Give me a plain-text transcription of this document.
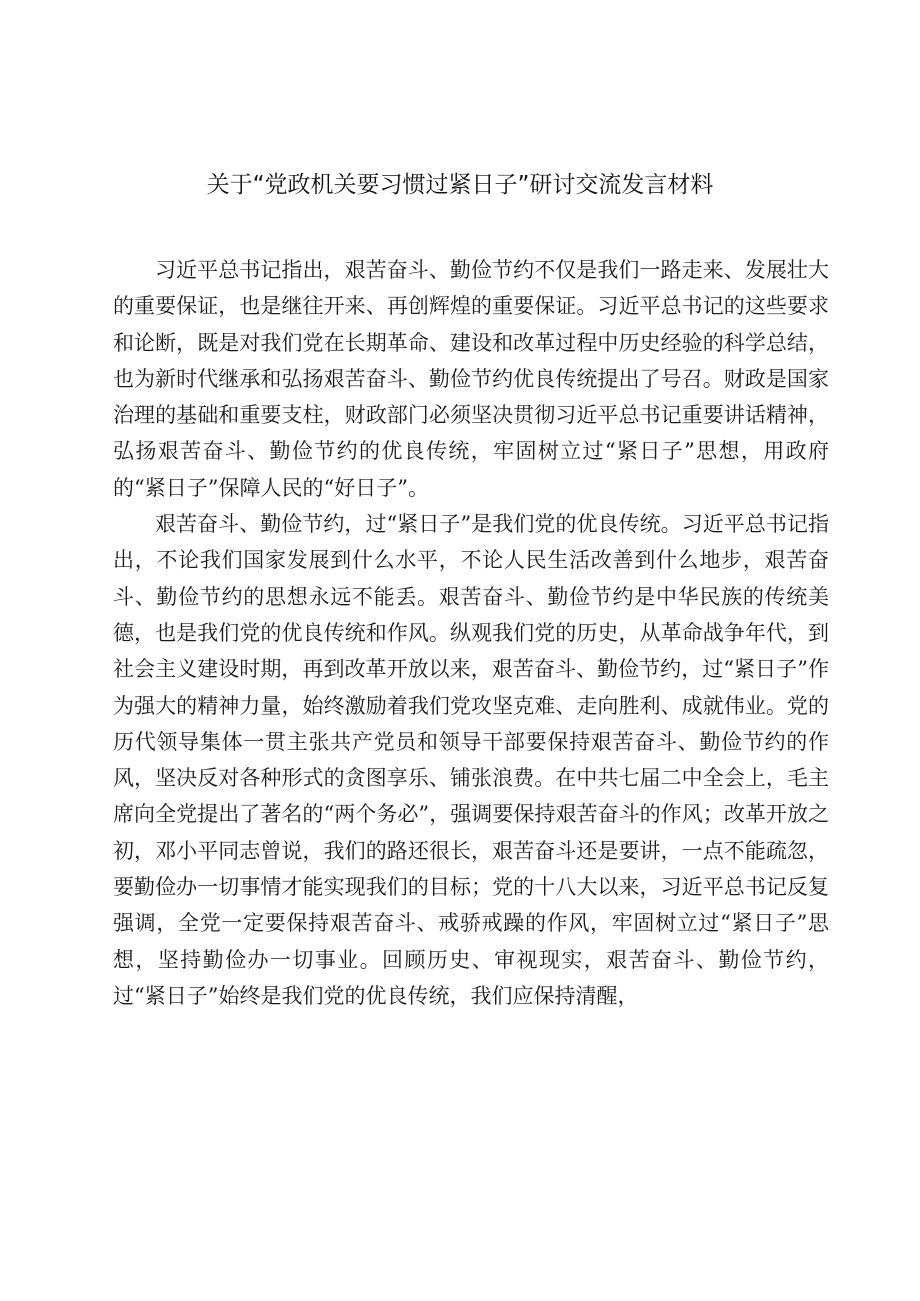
关于“党政机关要习惯过紧日子”研讨交流发言材料

习近平总书记指出，艰苦奋斗、勤俭节约不仅是我们一路走来、发展壮大的重要保证，也是继往开来、再创辉煌的重要保证。习近平总书记的这些要求和论断，既是对我们党在长期革命、建设和改革过程中历史经验的科学总结，也为新时代继承和弘扬艰苦奋斗、勤俭节约优良传统提出了号召。财政是国家治理的基础和重要支柱，财政部门必须坚决贯彻习近平总书记重要讲话精神，弘扬艰苦奋斗、勤俭节约的优良传统，牢固树立过“紧日子”思想，用政府的“紧日子”保障人民的“好日子”。

艰苦奋斗、勤俭节约，过“紧日子”是我们党的优良传统。习近平总书记指出，不论我们国家发展到什么水平，不论人民生活改善到什么地步，艰苦奋斗、勤俭节约的思想永远不能丢。艰苦奋斗、勤俭节约是中华民族的传统美德，也是我们党的优良传统和作风。纵观我们党的历史，从革命战争年代，到社会主义建设时期，再到改革开放以来，艰苦奋斗、勤俭节约，过“紧日子”作为强大的精神力量，始终激励着我们党攻坚克难、走向胜利、成就伟业。党的历代领导集体一贯主张共产党员和领导干部要保持艰苦奋斗、勤俭节约的作风，坚决反对各种形式的贪图享乐、铺张浪费。在中共七届二中全会上，毛主席向全党提出了著名的“两个务必”，强调要保持艰苦奋斗的作风；改革开放之初，邓小平同志曾说，我们的路还很长，艰苦奋斗还是要讲，一点不能疏忽，要勤俭办一切事情才能实现我们的目标；党的十八大以来，习近平总书记反复强调，全党一定要保持艰苦奋斗、戒骄戒躁的作风，牢固树立过“紧日子”思想，坚持勤俭办一切事业。回顾历史、审视现实，艰苦奋斗、勤俭节约，过“紧日子”始终是我们党的优良传统，我们应保持清醒，
